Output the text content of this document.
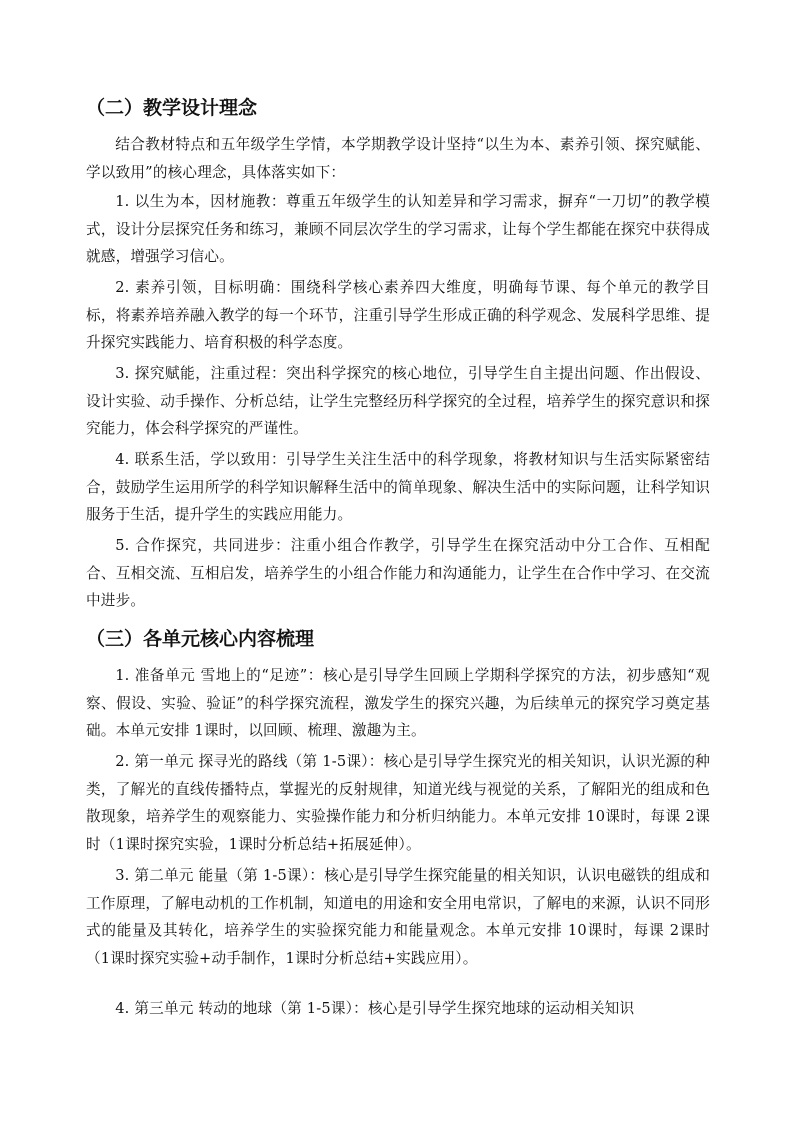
（二）教学设计理念

结合教材特点和五年级学生学情，本学期教学设计坚持“以生为本、素养引领、探究赋能、学以致用”的核心理念，具体落实如下：

1. 以生为本，因材施教：尊重五年级学生的认知差异和学习需求，摒弃“一刀切”的教学模式，设计分层探究任务和练习，兼顾不同层次学生的学习需求，让每个学生都能在探究中获得成就感，增强学习信心。

2. 素养引领，目标明确：围绕科学核心素养四大维度，明确每节课、每个单元的教学目标，将素养培养融入教学的每一个环节，注重引导学生形成正确的科学观念、发展科学思维、提升探究实践能力、培育积极的科学态度。

3. 探究赋能，注重过程：突出科学探究的核心地位，引导学生自主提出问题、作出假设、设计实验、动手操作、分析总结，让学生完整经历科学探究的全过程，培养学生的探究意识和探究能力，体会科学探究的严谨性。

4. 联系生活，学以致用：引导学生关注生活中的科学现象，将教材知识与生活实际紧密结合，鼓励学生运用所学的科学知识解释生活中的简单现象、解决生活中的实际问题，让科学知识服务于生活，提升学生的实践应用能力。

5. 合作探究，共同进步：注重小组合作教学，引导学生在探究活动中分工合作、互相配合、互相交流、互相启发，培养学生的小组合作能力和沟通能力，让学生在合作中学习、在交流中进步。

（三）各单元核心内容梳理

1. 准备单元 雪地上的“足迹”：核心是引导学生回顾上学期科学探究的方法，初步感知“观察、假设、实验、验证”的科学探究流程，激发学生的探究兴趣，为后续单元的探究学习奠定基础。本单元安排 1课时，以回顾、梳理、激趣为主。

2. 第一单元 探寻光的路线（第 1-5课）：核心是引导学生探究光的相关知识，认识光源的种类，了解光的直线传播特点，掌握光的反射规律，知道光线与视觉的关系，了解阳光的组成和色散现象，培养学生的观察能力、实验操作能力和分析归纳能力。本单元安排 10课时，每课 2课时（1课时探究实验，1课时分析总结+拓展延伸）。

3. 第二单元 能量（第 1-5课）：核心是引导学生探究能量的相关知识，认识电磁铁的组成和工作原理，了解电动机的工作机制，知道电的用途和安全用电常识，了解电的来源，认识不同形式的能量及其转化，培养学生的实验探究能力和能量观念。本单元安排 10课时，每课 2课时（1课时探究实验+动手制作，1课时分析总结+实践应用）。

4. 第三单元 转动的地球（第 1-5课）：核心是引导学生探究地球的运动相关知识
